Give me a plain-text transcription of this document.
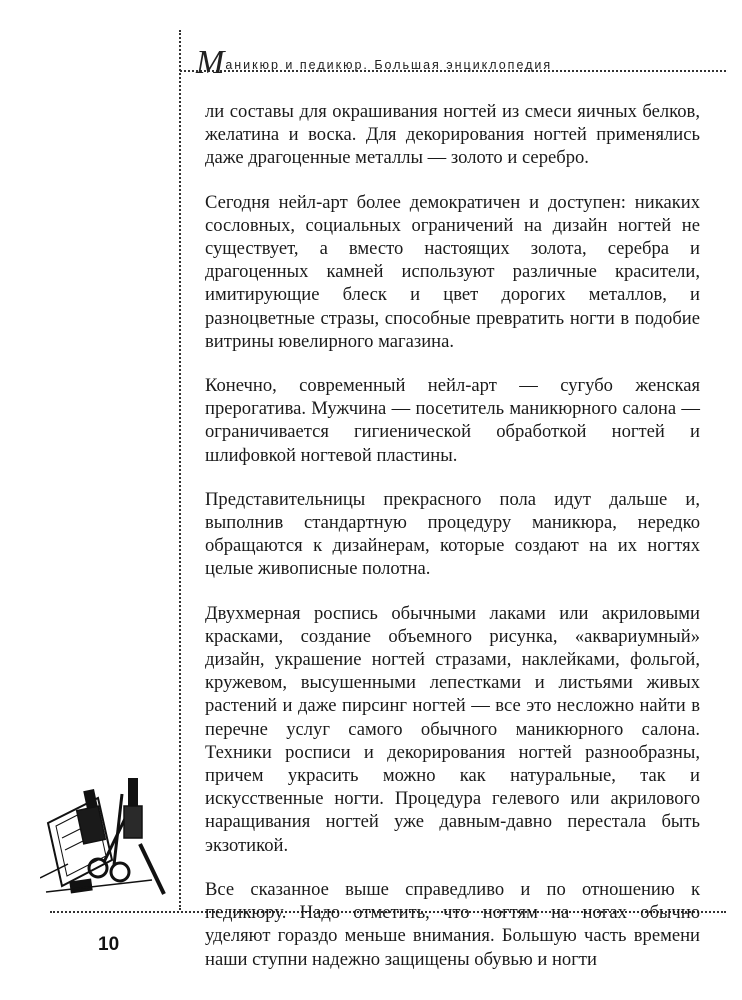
Маникюр и педикюр. Большая энциклопедия

ли составы для окрашивания ногтей из смеси яичных белков, желатина и воска. Для декорирования ногтей применялись даже драгоценные металлы — золото и серебро.

Сегодня нейл-арт более демократичен и доступен: никаких сословных, социальных ограничений на дизайн ногтей не существует, а вместо настоящих золота, серебра и драгоценных камней используют различные красители, имитирующие блеск и цвет дорогих металлов, и разноцветные стразы, способные превратить ногти в подобие витрины ювелирного магазина.

Конечно, современный нейл-арт — сугубо женская прерогатива. Мужчина — посетитель маникюрного салона — ограничивается гигиенической обработкой ногтей и шлифовкой ногтевой пластины.

Представительницы прекрасного пола идут дальше и, выполнив стандартную процедуру маникюра, нередко обращаются к дизайнерам, которые создают на их ногтях целые живописные полотна.

Двухмерная роспись обычными лаками или акриловыми красками, создание объемного рисунка, «аквариумный» дизайн, украшение ногтей стразами, наклейками, фольгой, кружевом, высушенными лепестками и листьями живых растений и даже пирсинг ногтей — все это несложно найти в перечне услуг самого обычного маникюрного салона. Техники росписи и декорирования ногтей разнообразны, причем украсить можно как натуральные, так и искусственные ногти. Процедура гелевого или акрилового наращивания ногтей уже давным-давно перестала быть экзотикой.

Все сказанное выше справедливо и по отношению к педикюру. Надо отметить, что ногтям на ногах обычно уделяют гораздо меньше внимания. Большую часть времени наши ступни надежно защищены обувью и ногти

10
